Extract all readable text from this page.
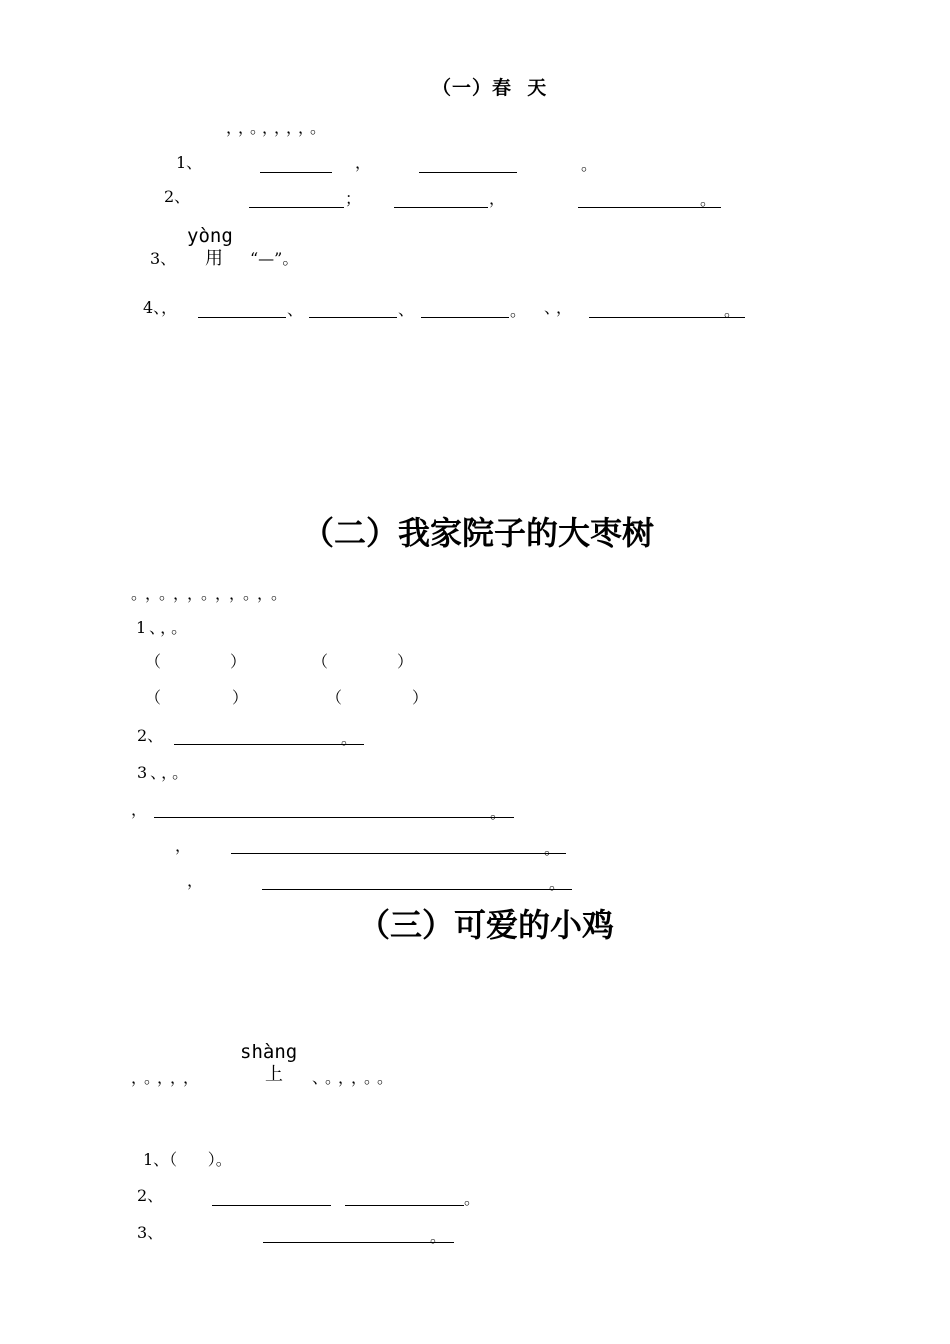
（一）春  天
，，。，，，，。
1、	，	。
2、	；	，	。
yòng
3、 用 “—”。
4、，	、	、	。 、，	。
（二）我家院子的大枣树
。，。，，。，，。，。
1、，。
（	）	（	）
（	）	（	）
2、	。
3、，。
，	。
，	。
，	。
（三）可爱的小鸡
shàng
，。，，，	上 、。，，。。
1、（      ）。
2、	。
3、	。
